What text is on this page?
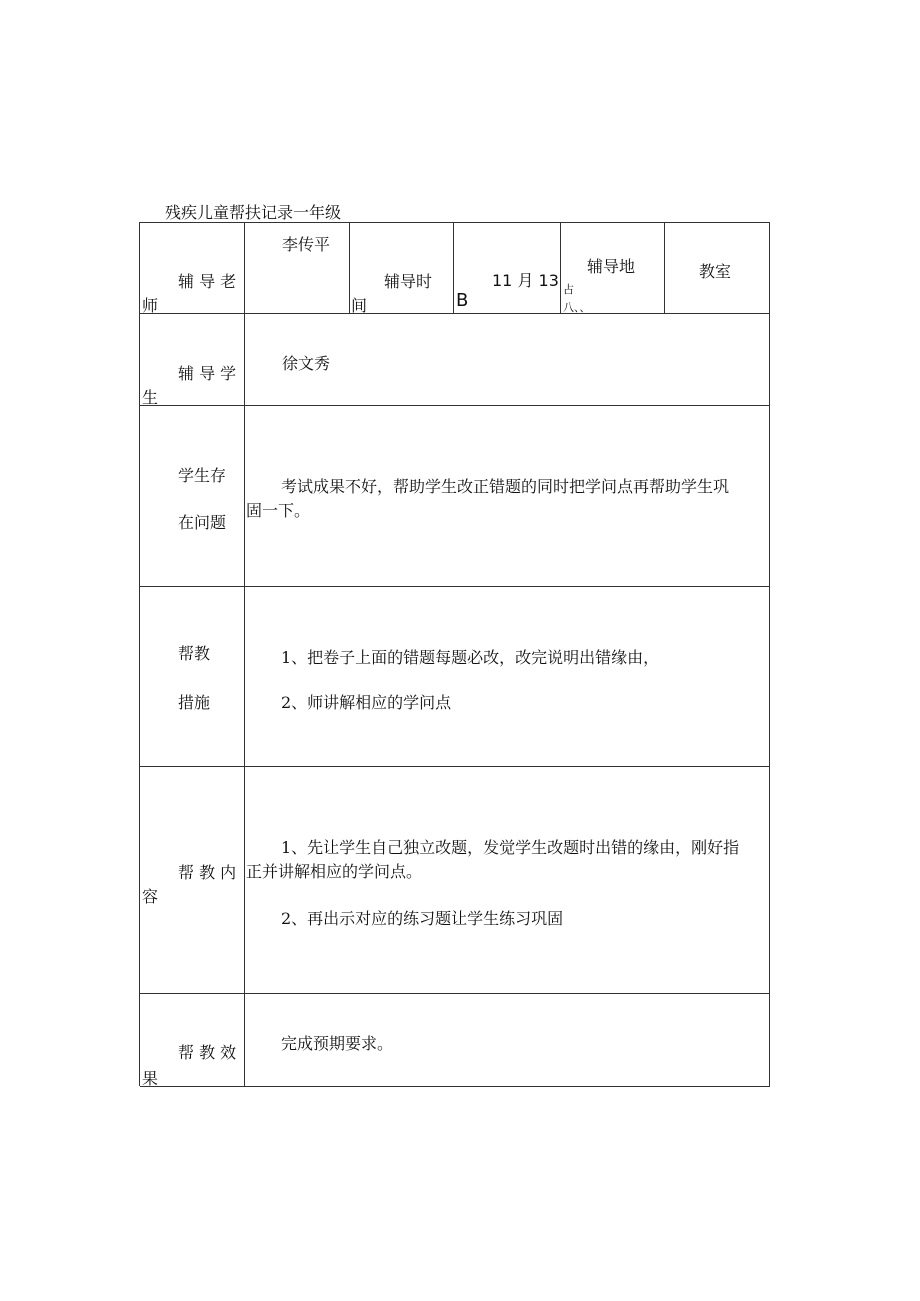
残疾儿童帮扶记录一年级
辅 导 老
师
李传平
辅导时
间
11 月 13
B
辅导地
占
八、、
教室
辅 导 学
生
徐文秀
学生存
在问题
考试成果不好，帮助学生改正错题的同时把学问点再帮助学生巩
固一下。
帮教
措施
1、把卷子上面的错题每题必改，改完说明出错缘由，
2、师讲解相应的学问点
帮 教 内
容
1、先让学生自己独立改题，发觉学生改题时出错的缘由，刚好指
正并讲解相应的学问点。
2、再出示对应的练习题让学生练习巩固
帮 教 效
果
完成预期要求。
